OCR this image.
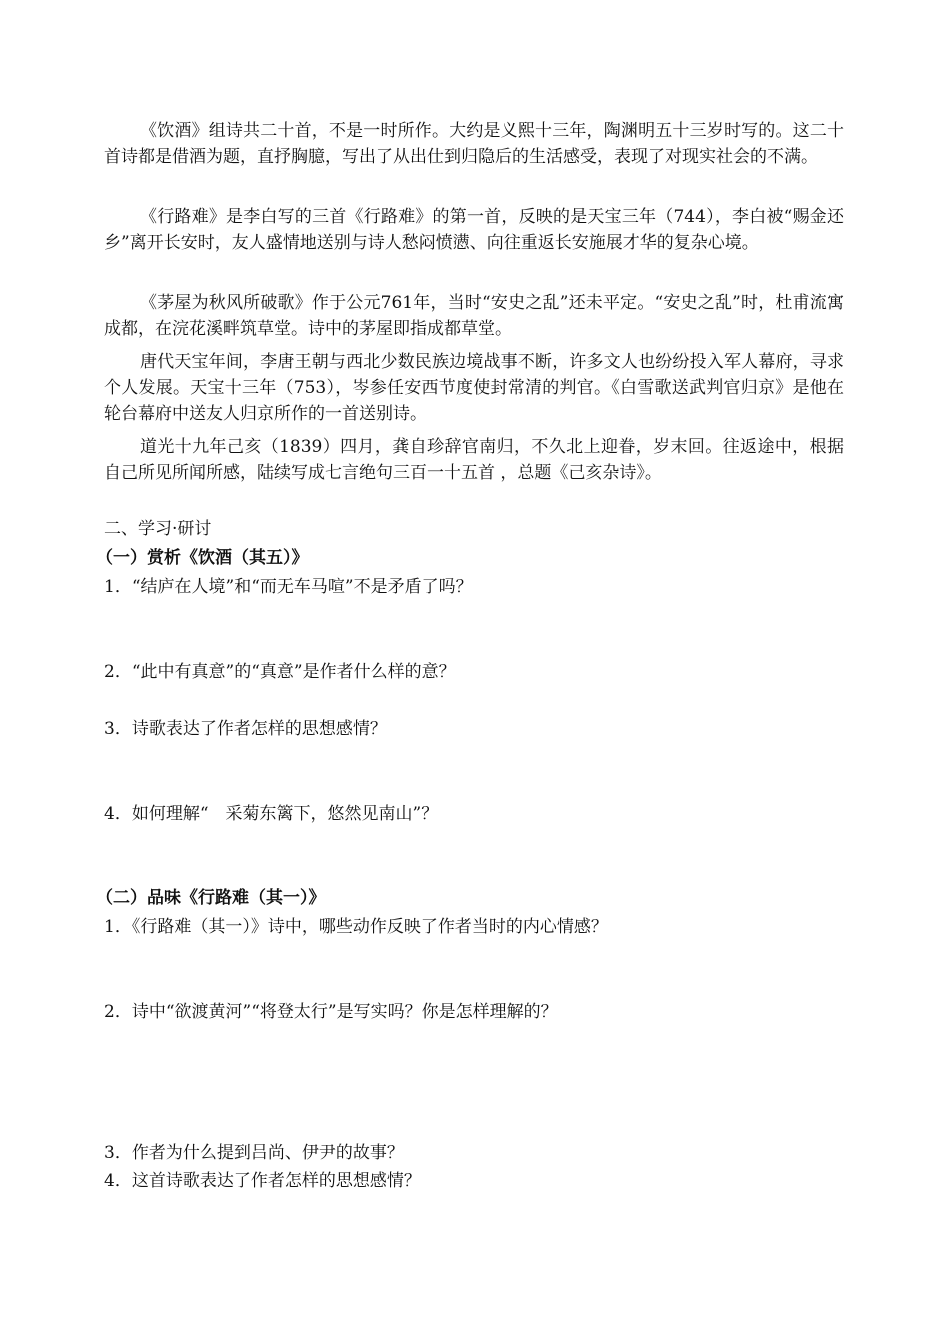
《饮酒》组诗共二十首，不是一时所作。大约是义熙十三年，陶渊明五十三岁时写的。这二十首诗都是借酒为题，直抒胸臆，写出了从出仕到归隐后的生活感受，表现了对现实社会的不满。
《行路难》是李白写的三首《行路难》的第一首，反映的是天宝三年（744），李白被“赐金还乡”离开长安时，友人盛情地送别与诗人愁闷愤懑、向往重返长安施展才华的复杂心境。
《茅屋为秋风所破歌》作于公元761年，当时“安史之乱”还未平定。“安史之乱”时，杜甫流寓成都，在浣花溪畔筑草堂。诗中的茅屋即指成都草堂。
唐代天宝年间，李唐王朝与西北少数民族边境战事不断，许多文人也纷纷投入军人幕府，寻求个人发展。天宝十三年（753），岑参任安西节度使封常清的判官。《白雪歌送武判官归京》是他在轮台幕府中送友人归京所作的一首送别诗。
道光十九年己亥（1839）四月，龚自珍辞官南归，不久北上迎眷，岁末回。往返途中，根据自己所见所闻所感，陆续写成七言绝句三百一十五首 ，总题《己亥杂诗》。
二、学习·研讨
（一）赏析《饮酒（其五）》
1．“结庐在人境”和“而无车马喧”不是矛盾了吗？
2．“此中有真意”的“真意”是作者什么样的意？
3．诗歌表达了作者怎样的思想感情？
4．如何理解“　采菊东篱下，悠然见南山”？
（二）品味《行路难（其一）》
1．《行路难（其一）》诗中，哪些动作反映了作者当时的内心情感？
2．诗中“欲渡黄河”“将登太行”是写实吗？你是怎样理解的？
3．作者为什么提到吕尚、伊尹的故事？
4．这首诗歌表达了作者怎样的思想感情？
